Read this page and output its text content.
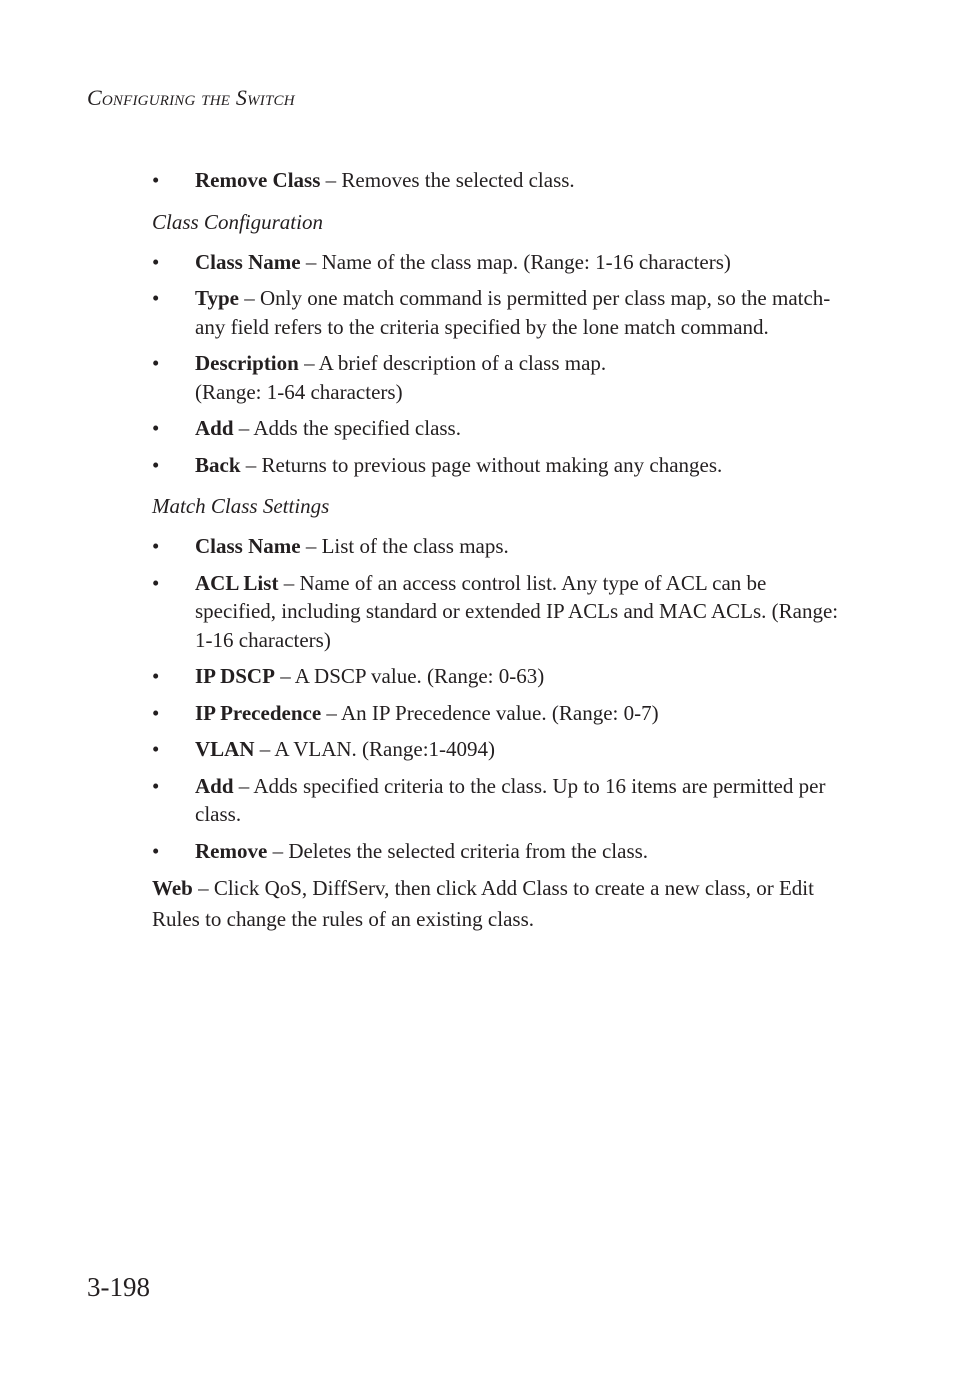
Configuring the Switch
• Remove Class – Removes the selected class.
Class Configuration
• Class Name – Name of the class map. (Range: 1-16 characters)
• Type – Only one match command is permitted per class map, so the match-any field refers to the criteria specified by the lone match command.
• Description – A brief description of a class map.
(Range: 1-64 characters)
• Add – Adds the specified class.
• Back – Returns to previous page without making any changes.
Match Class Settings
• Class Name – List of the class maps.
• ACL List – Name of an access control list. Any type of ACL can be specified, including standard or extended IP ACLs and MAC ACLs. (Range: 1-16 characters)
• IP DSCP – A DSCP value. (Range: 0-63)
• IP Precedence – An IP Precedence value. (Range: 0-7)
• VLAN – A VLAN. (Range:1-4094)
• Add – Adds specified criteria to the class. Up to 16 items are permitted per class.
• Remove – Deletes the selected criteria from the class.

Web – Click QoS, DiffServ, then click Add Class to create a new class, or Edit Rules to change the rules of an existing class.

3-198
